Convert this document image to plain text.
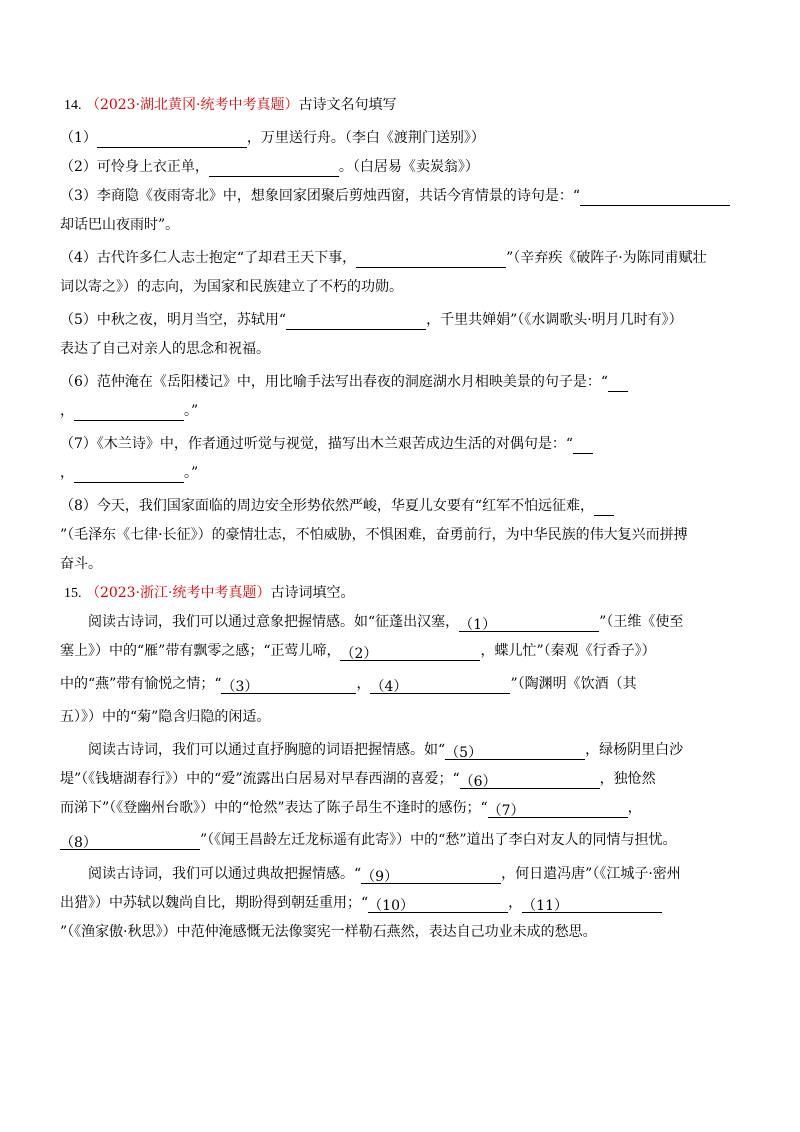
14. （2023·湖北黄冈·统考中考真题）古诗文名句填写
（1）	，万里送行舟。（李白《渡荆门送别》）
（2）可怜身上衣正单，	。（白居易《卖炭翁》）
（3）李商隐《夜雨寄北》中，想象回家团聚后剪烛西窗，共话今宵情景的诗句是：“
却话巴山夜雨时”。
（4）古代许多仁人志士抱定“了却君王天下事，	”（辛弃疾《破阵子·为陈同甫赋壮
词以寄之》）的志向，为国家和民族建立了不朽的功勋。
（5）中秋之夜，明月当空，苏轼用“	，千里共婵娟”（《水调歌头·明月几时有》）
表达了自己对亲人的思念和祝福。
（6）范仲淹在《岳阳楼记》中，用比喻手法写出春夜的洞庭湖水月相映美景的句子是：“
，	。”
（7）《木兰诗》中，作者通过听觉与视觉，描写出木兰艰苦成边生活的对偶句是：“
，	。”
（8）今天，我们国家面临的周边安全形势依然严峻，华夏儿女要有“红军不怕远征难，
”（毛泽东《七律·长征》）的豪情壮志，不怕威胁，不惧困难，奋勇前行，为中华民族的伟大复兴而拼搏
奋斗。
15. （2023·浙江·统考中考真题）古诗词填空。
阅读古诗词，我们可以通过意象把握情感。如“征蓬出汉塞，（1）	”（王维《使至
塞上》）中的“雁”带有飘零之感；“正莺儿啼，（2）	，蝶儿忙”（秦观《行香子》）
中的“燕”带有愉悦之情；“（3）	，（4）	”（陶渊明《饮酒（其
五）》）中的“菊”隐含归隐的闲适。
阅读古诗词，我们可以通过直抒胸臆的词语把握情感。如“（5）	，绿杨阴里白沙
堤”（《钱塘湖春行》）中的“爱”流露出白居易对早春西湖的喜爱；“（6）	，独怆然
而涕下”（《登幽州台歌》）中的“怆然”表达了陈子昂生不逢时的感伤；“（7）	，
（8）	”（《闻王昌龄左迁龙标遥有此寄》）中的“愁”道出了李白对友人的同情与担忧。
阅读古诗词，我们可以通过典故把握情感。“（9）	，何日遣冯唐”（《江城子·密州
出猎》）中苏轼以魏尚自比，期盼得到朝廷重用；“（10）	，（11）
”（《渔家傲·秋思》）中范仲淹感慨无法像窦宪一样勒石燕然，表达自己功业未成的愁思。
